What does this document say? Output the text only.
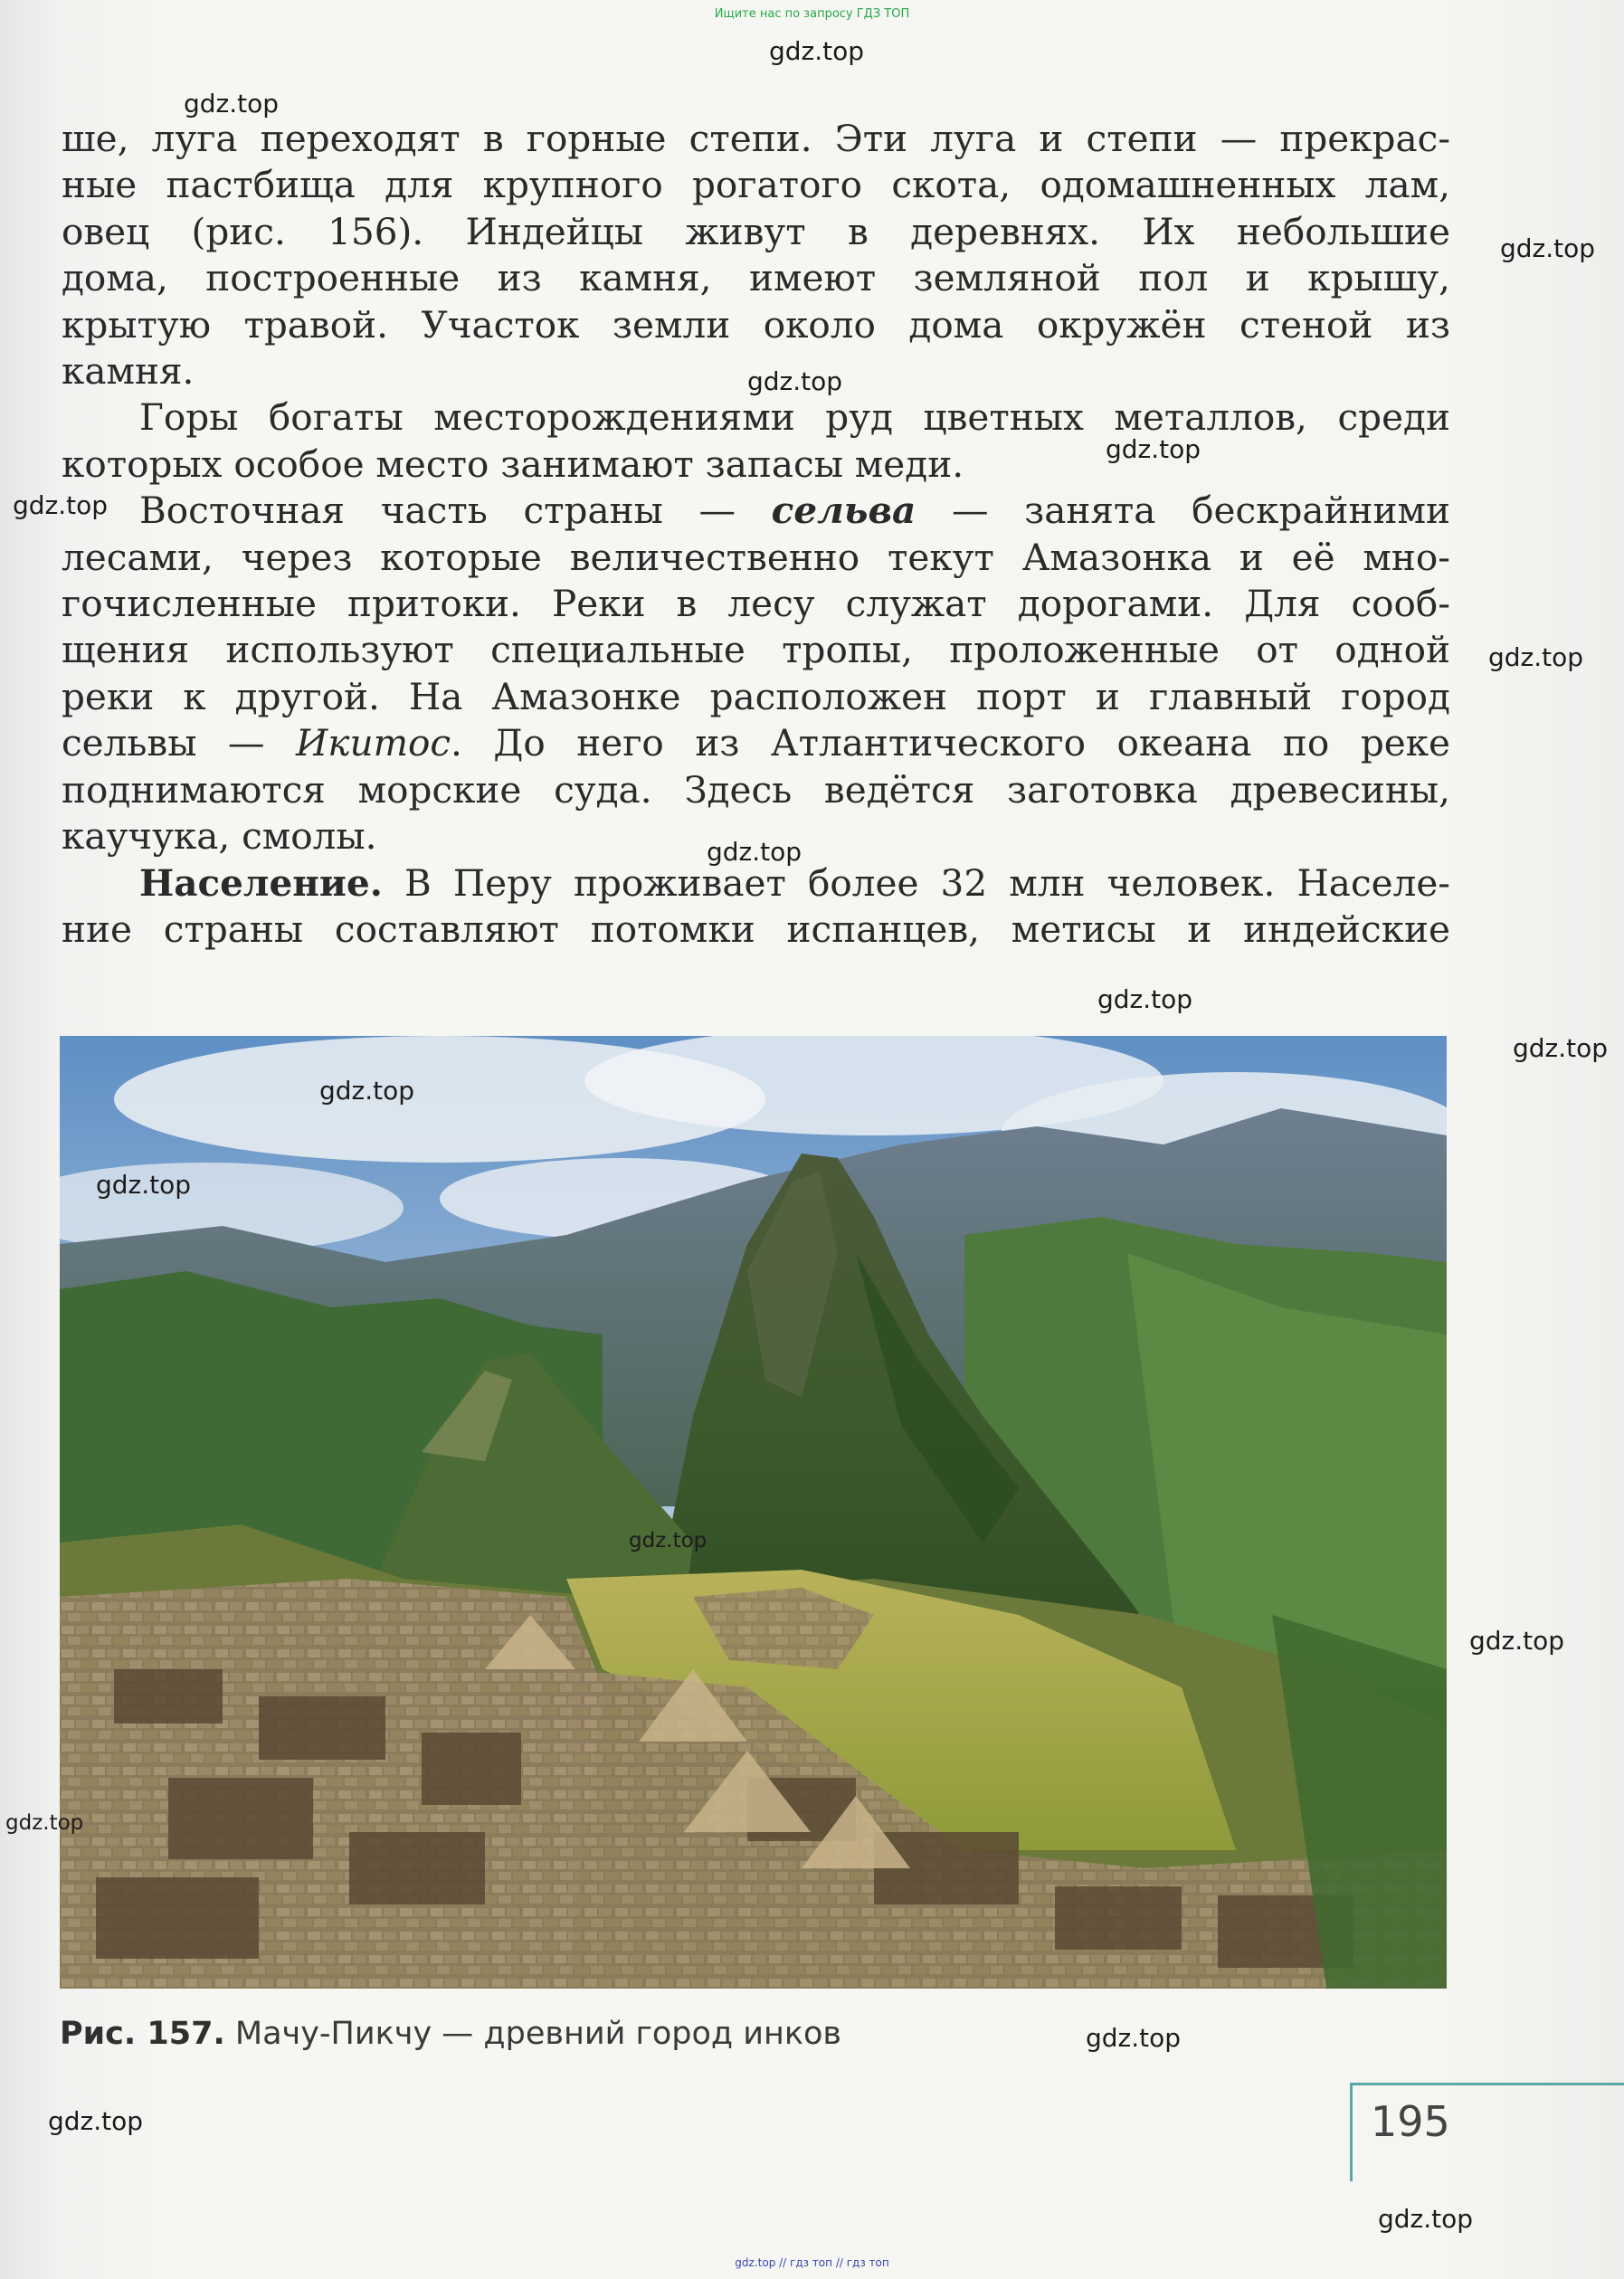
Ищите нас по запросу ГДЗ ТОП

ше, луга переходят в горные степи. Эти луга и степи — прекрас-
ные пастбища для крупного рогатого скота, одомашненных лам,
овец (рис. 156). Индейцы живут в деревнях. Их небольшие
дома, построенные из камня, имеют земляной пол и крышу,
крытую травой. Участок земли около дома окружён стеной из
камня.

Горы богаты месторождениями руд цветных металлов, среди
которых особое место занимают запасы меди.

Восточная часть страны — сельва — занята бескрайними
лесами, через которые величественно текут Амазонка и её мно-
гочисленные притоки. Реки в лесу служат дорогами. Для сооб-
щения используют специальные тропы, проложенные от одной
реки к другой. На Амазонке расположен порт и главный город
сельвы — Икитос. До него из Атлантического океана по реке
поднимаются морские суда. Здесь ведётся заготовка древесины,
каучука, смолы.

Население. В Перу проживает более 32 млн человек. Населе-
ние страны составляют потомки испанцев, метисы и индейские

Рис. 157. Мачу-Пикчу — древний город инков
195
gdz.top
gdz.top
gdz.top
gdz.top
gdz.top
gdz.top
gdz.top
gdz.top
gdz.top
gdz.top
gdz.top
gdz.top
gdz.top
gdz.top
gdz.top
gdz.top
gdz.top
gdz.top
gdz.top // гдз топ // гдз топ
